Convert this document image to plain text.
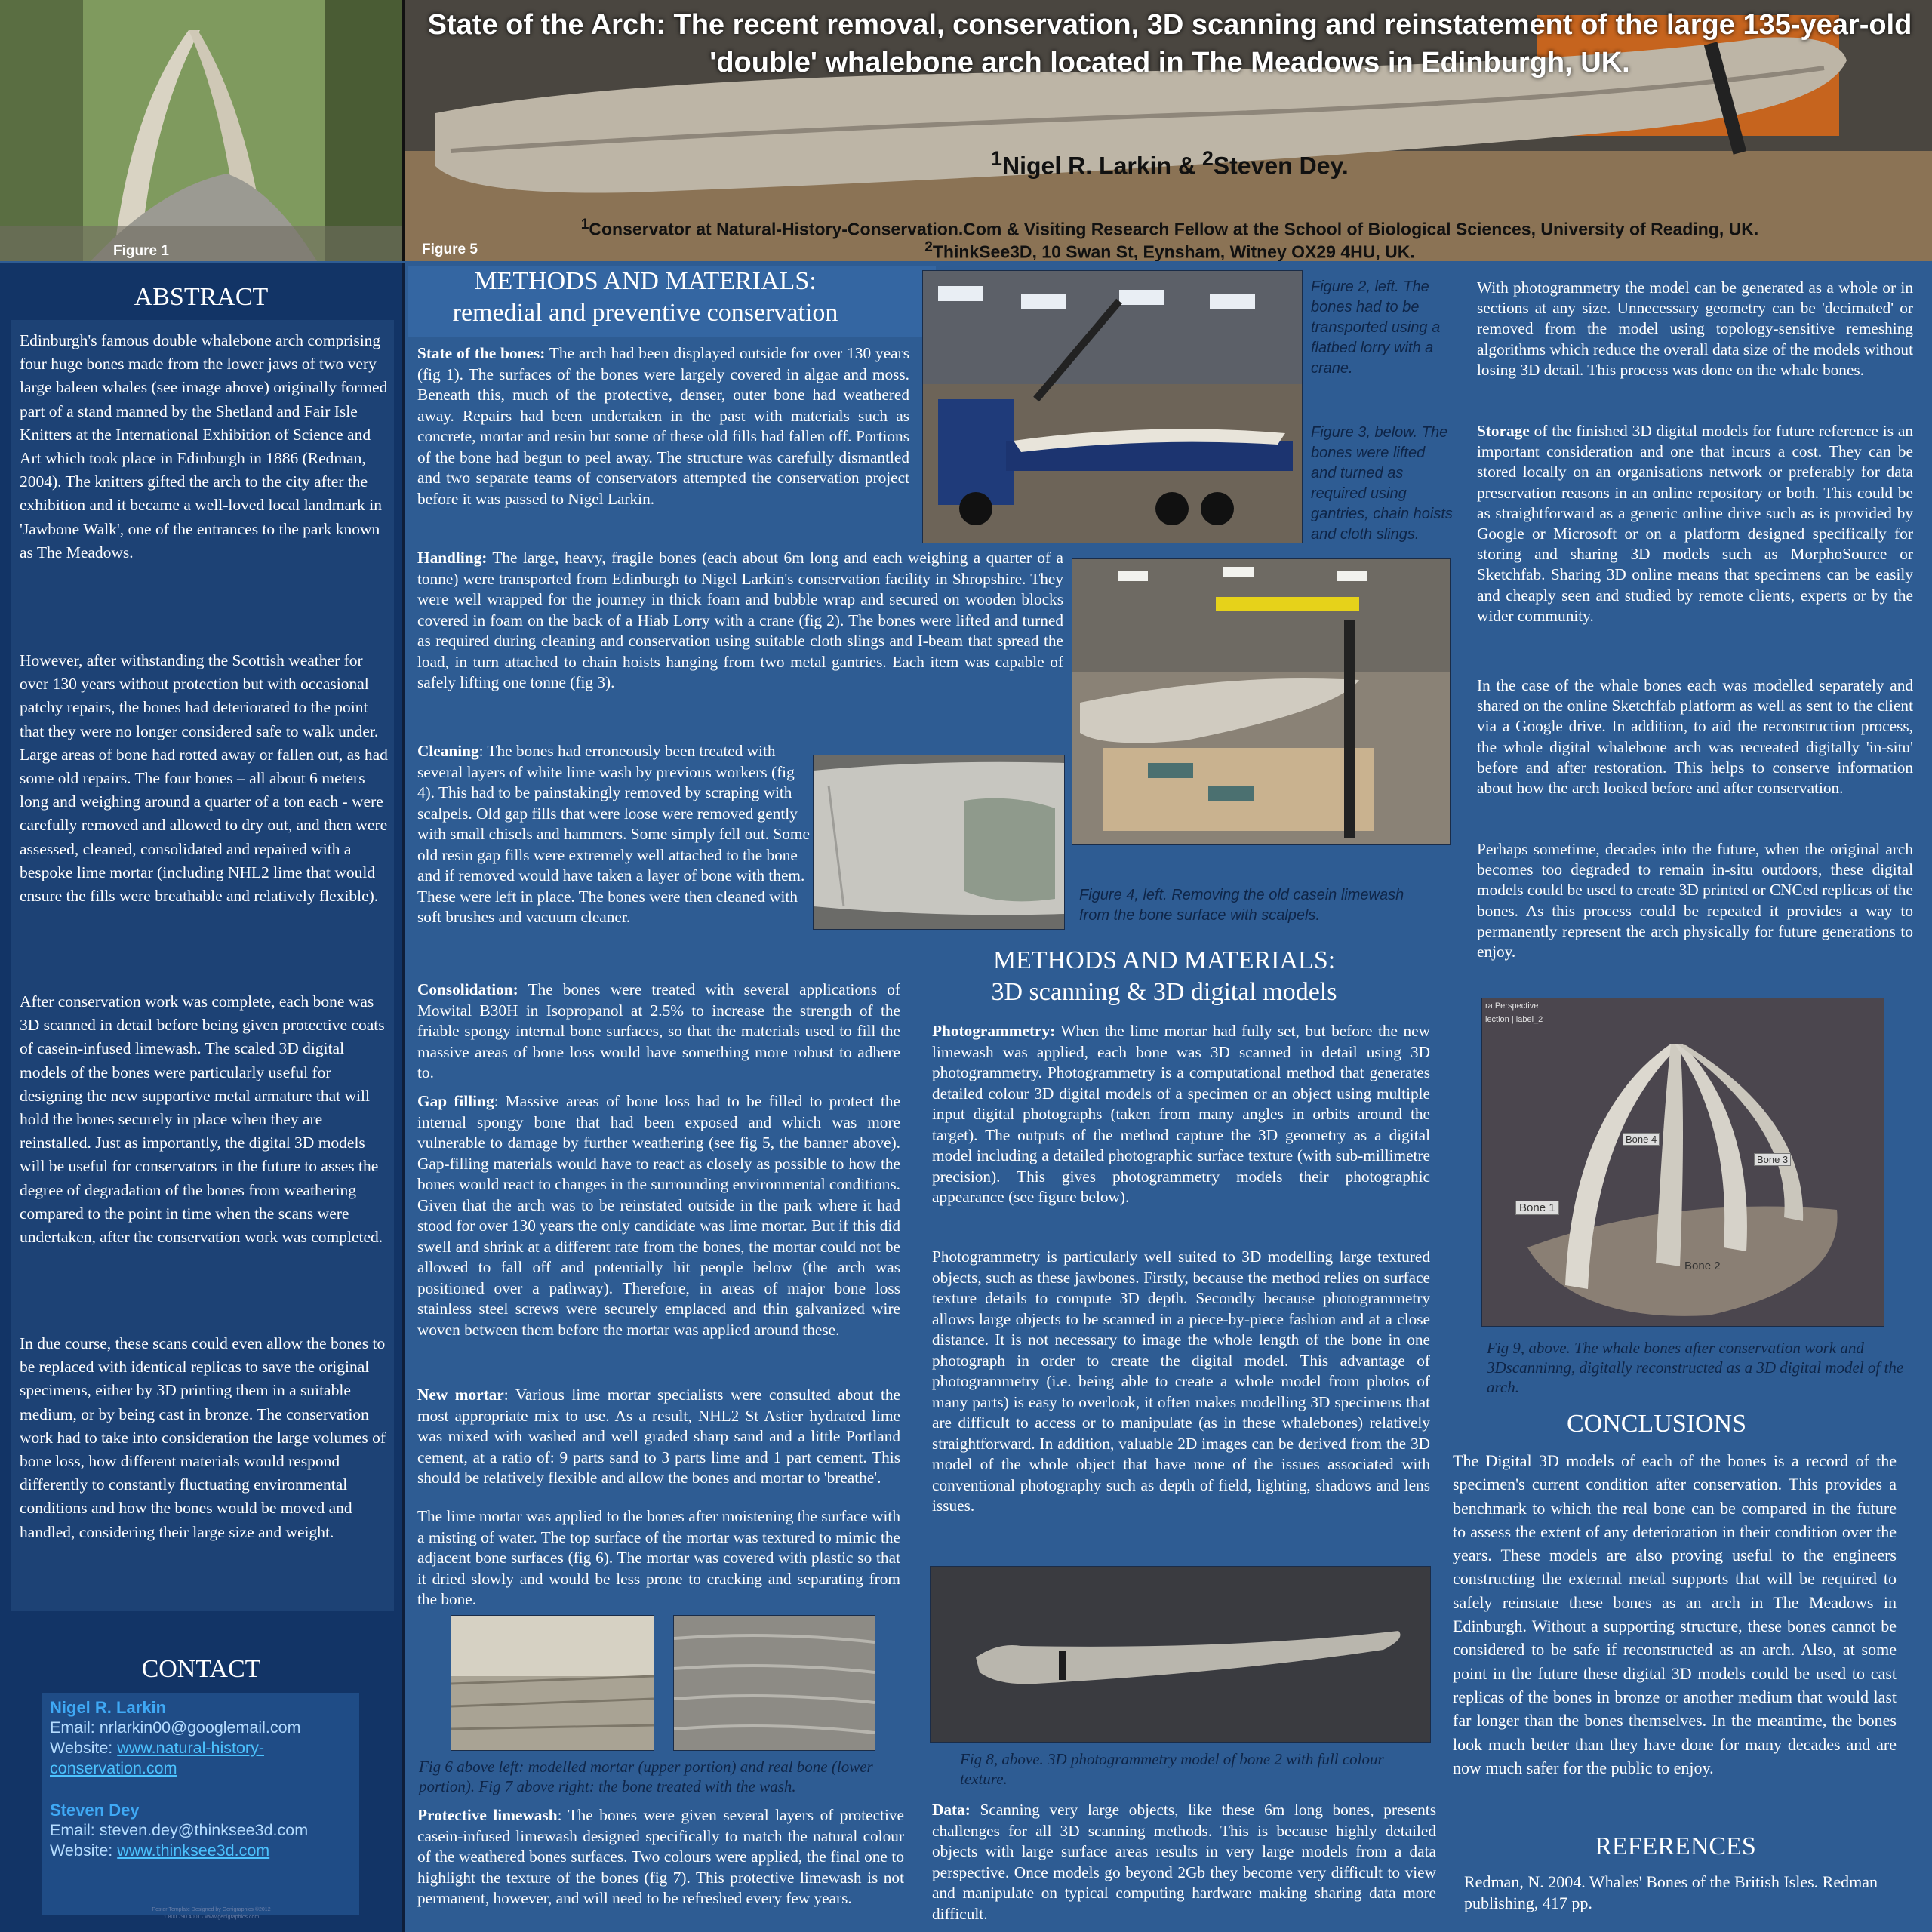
Figure 1	Figure 5
State of the Arch: The recent removal, conservation, 3D scanning and reinstatement of the large 135-year-old 'double' whalebone arch located in The Meadows in Edinburgh, UK.
$^1$Nigel R. Larkin & $^2$Steven Dey.
$^1$Conservator at Natural-History-Conservation.Com & Visiting Research Fellow at the School of Biological Sciences, University of Reading, UK.
$^2$ThinkSee3D, 10 Swan St, Eynsham, Witney OX29 4HU, UK.
ABSTRACT
Edinburgh's famous double whalebone arch comprising four huge bones made from the lower jaws of two very large baleen whales (see image above) originally formed part of a stand manned by the Shetland and Fair Isle Knitters at the International Exhibition of Science and Art which took place in Edinburgh in 1886 (Redman, 2004). The knitters gifted the arch to the city after the exhibition and it became a well-loved local landmark in 'Jawbone Walk', one of the entrances to the park known as The Meadows.
However, after withstanding the Scottish weather for over 130 years without protection but with occasional patchy repairs, the bones had deteriorated to the point that they were no longer considered safe to walk under. Large areas of bone had rotted away or fallen out, as had some old repairs. The four bones – all about 6 meters long and weighing around a quarter of a ton each - were carefully removed and allowed to dry out, and then were assessed, cleaned, consolidated and repaired with a bespoke lime mortar (including NHL2 lime that would ensure the fills were breathable and relatively flexible).
After conservation work was complete, each bone was 3D scanned in detail before being given protective coats of casein-infused limewash. The scaled 3D digital models of the bones were particularly useful for designing the new supportive metal armature that will hold the bones securely in place when they are reinstalled. Just as importantly, the digital 3D models will be useful for conservators in the future to asses the degree of degradation of the bones from weathering compared to the point in time when the scans were undertaken, after the conservation work was completed.
In due course, these scans could even allow the bones to be replaced with identical replicas to save the original specimens, either by 3D printing them in a suitable medium, or by being cast in bronze. The conservation work had to take into consideration the large volumes of bone loss, how different materials would respond differently to constantly fluctuating environmental conditions and how the bones would be moved and handled, considering their large size and weight.
CONTACT
Nigel R. Larkin
Email: nrlarkin00@googlemail.com
Website: www.natural-history-
conservation.com
Steven Dey
Email: steven.dey@thinksee3d.com
Website: www.thinksee3d.com
Poster Template Designed by Genigraphics ©2012
1.800.790.4001 · www.genigraphics.com
METHODS AND MATERIALS:
remedial and preventive conservation
State of the bones: The arch had been displayed outside for over 130 years (fig 1). The surfaces of the bones were largely covered in algae and moss. Beneath this, much of the protective, denser, outer bone had weathered away. Repairs had been undertaken in the past with materials such as concrete, mortar and resin but some of these old fills had fallen off. Portions of the bone had begun to peel away. The structure was carefully dismantled and two separate teams of conservators attempted the conservation project before it was passed to Nigel Larkin.
Figure 2, left. The bones had to be transported using a flatbed lorry with a crane.
Figure 3, below. The bones were lifted and turned as required using gantries, chain hoists and cloth slings.
Handling: The large, heavy, fragile bones (each about 6m long and each weighing a quarter of a tonne) were transported from Edinburgh to Nigel Larkin's conservation facility in Shropshire. They were well wrapped for the journey in thick foam and bubble wrap and secured on wooden blocks covered in foam on the back of a Hiab Lorry with a crane (fig 2). The bones were lifted and turned as required during cleaning and conservation using suitable cloth slings and I-beam that spread the load, in turn attached to chain hoists hanging from two metal gantries. Each item was capable of safely lifting one tonne (fig 3).
Cleaning: The bones had erroneously been treated with several layers of white lime wash by previous workers (fig 4). This had to be painstakingly removed by scraping with scalpels. Old gap fills that were loose were removed gently with small chisels and hammers. Some simply fell out. Some old resin gap fills were extremely well attached to the bone and if removed would have taken a layer of bone with them. These were left in place. The bones were then cleaned with soft brushes and vacuum cleaner.
Figure 4, left. Removing the old casein limewash from the bone surface with scalpels.
Consolidation: The bones were treated with several applications of Mowital B30H in Isopropanol at 2.5% to increase the strength of the friable spongy internal bone surfaces, so that the materials used to fill the massive areas of bone loss would have something more robust to adhere to.
Gap filling: Massive areas of bone loss had to be filled to protect the internal spongy bone that had been exposed and which was more vulnerable to damage by further weathering (see fig 5, the banner above). Gap-filling materials would have to react as closely as possible to how the bones would react to changes in the surrounding environmental conditions. Given that the arch was to be reinstated outside in the park where it had stood for over 130 years the only candidate was lime mortar. But if this did swell and shrink at a different rate from the bones, the mortar could not be allowed to fall off and potentially hit people below (the arch was positioned over a pathway). Therefore, in areas of major bone loss stainless steel screws were securely emplaced and thin galvanized wire woven between them before the mortar was applied around these.
New mortar: Various lime mortar specialists were consulted about the most appropriate mix to use. As a result, NHL2 St Astier hydrated lime was mixed with washed and well graded sharp sand and a little Portland cement, at a ratio of: 9 parts sand to 3 parts lime and 1 part cement. This should be relatively flexible and allow the bones and mortar to 'breathe'.
The lime mortar was applied to the bones after moistening the surface with a misting of water. The top surface of the mortar was textured to mimic the adjacent bone surfaces (fig 6). The mortar was covered with plastic so that it dried slowly and would be less prone to cracking and separating from the bone.
Fig 6 above left: modelled mortar (upper portion) and real bone (lower portion). Fig 7 above right: the bone treated with the wash.
Protective limewash: The bones were given several layers of protective casein-infused limewash designed specifically to match the natural colour of the weathered bones surfaces. Two colours were applied, the final one to highlight the texture of the bones (fig 7). This protective limewash is not permanent, however, and will need to be refreshed every few years.
METHODS AND MATERIALS:
3D scanning & 3D digital models
Photogrammetry: When the lime mortar had fully set, but before the new limewash was applied, each bone was 3D scanned in detail using 3D photogrammetry. Photogrammetry is a computational method that generates detailed colour 3D digital models of a specimen or an object using multiple input digital photographs (taken from many angles in orbits around the target). The outputs of the method capture the 3D geometry as a digital model including a detailed photographic surface texture (with sub-millimetre precision). This gives photogrammetry models their photographic appearance (see figure below).
Photogrammetry is particularly well suited to 3D modelling large textured objects, such as these jawbones. Firstly, because the method relies on surface texture details to compute 3D depth. Secondly because photogrammetry allows large objects to be scanned in a piece-by-piece fashion and at a close distance. It is not necessary to image the whole length of the bone in one photograph in order to create the digital model. This advantage of photogrammetry (i.e. being able to create a whole model from photos of many parts) is easy to overlook, it often makes modelling 3D specimens that are difficult to access or to manipulate (as in these whalebones) relatively straightforward. In addition, valuable 2D images can be derived from the 3D model of the whole object that have none of the issues associated with conventional photography such as depth of field, lighting, shadows and lens issues.
Fig 8, above. 3D photogrammetry model of bone 2 with full colour texture.
Data: Scanning very large objects, like these 6m long bones, presents challenges for all 3D scanning methods. This is because highly detailed objects with large surface areas results in very large models from a data perspective. Once models go beyond 2Gb they become very difficult to view and manipulate on typical computing hardware making sharing data more difficult.
With photogrammetry the model can be generated as a whole or in sections at any size. Unnecessary geometry can be 'decimated' or removed from the model using topology-sensitive remeshing algorithms which reduce the overall data size of the models without losing 3D detail. This process was done on the whale bones.
Storage of the finished 3D digital models for future reference is an important consideration and one that incurs a cost. They can be stored locally on an organisations network or preferably for data preservation reasons in an online repository or both. This could be as straightforward as a generic online drive such as is provided by Google or Microsoft or on a platform designed specifically for storing and sharing 3D models such as MorphoSource or Sketchfab. Sharing 3D online means that specimens can be easily and cheaply seen and studied by remote clients, experts or by the wider community.
In the case of the whale bones each was modelled separately and shared on the online Sketchfab platform as well as sent to the client via a Google drive. In addition, to aid the reconstruction process, the whole digital whalebone arch was recreated digitally 'in-situ' before and after restoration. This helps to conserve information about how the arch looked before and after conservation.
Perhaps sometime, decades into the future, when the original arch becomes too degraded to remain in-situ outdoors, these digital models could be used to create 3D printed or CNCed replicas of the bones. As this process could be repeated it provides a way to permanently represent the arch physically for future generations to enjoy.
ra Perspective
lection | label_2
Bone 1
Bone 2
Bone 3
Bone 4
Fig 9, above. The whale bones after conservation work and 3Dscanninng, digitally reconstructed as a 3D digital model of the arch.
CONCLUSIONS
The Digital 3D models of each of the bones is a record of the specimen's current condition after conservation. This provides a benchmark to which the real bone can be compared in the future to assess the extent of any deterioration in their condition over the years. These models are also proving useful to the engineers constructing the external metal supports that will be required to safely reinstate these bones as an arch in The Meadows in Edinburgh. Without a supporting structure, these bones cannot be considered to be safe if reconstructed as an arch. Also, at some point in the future these digital 3D models could be used to cast replicas of the bones in bronze or another medium that would last far longer than the bones themselves. In the meantime, the bones look much better than they have done for many decades and are now much safer for the public to enjoy.
REFERENCES
Redman, N. 2004. Whales' Bones of the British Isles. Redman publishing, 417 pp.
